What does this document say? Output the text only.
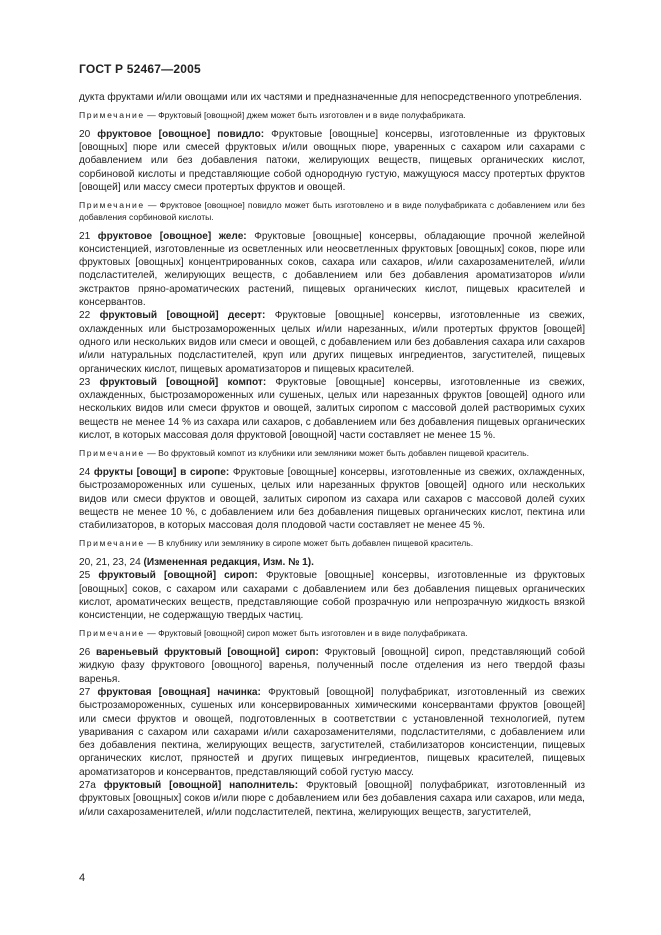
ГОСТ Р 52467—2005

дукта фруктами и/или овощами или их частями и предназначенные для непосредственного употребления.

Примечание — Фруктовый [овощной] джем может быть изготовлен и в виде полуфабриката.

20 фруктовое [овощное] повидло: Фруктовые [овощные] консервы, изготовленные из фруктовых [овощных] пюре или смесей фруктовых и/или овощных пюре, уваренных с сахаром или сахарами с добавлением или без добавления патоки, желирующих веществ, пищевых органических кислот, сорбиновой кислоты и представляющие собой однородную густую, мажущуюся массу протертых фруктов [овощей] или массу смеси протертых фруктов и овощей.

Примечание — Фруктовое [овощное] повидло может быть изготовлено и в виде полуфабриката с добавлением или без добавления сорбиновой кислоты.

21 фруктовое [овощное] желе: Фруктовые [овощные] консервы, обладающие прочной желейной консистенцией, изготовленные из осветленных или неосветленных фруктовых [овощных] соков, пюре или фруктовых [овощных] концентрированных соков, сахара или сахаров, и/или сахарозаменителей, и/или подсластителей, желирующих веществ, с добавлением или без добавления ароматизаторов и/или экстрактов пряно-ароматических растений, пищевых органических кислот, пищевых красителей и консервантов.

22 фруктовый [овощной] десерт: Фруктовые [овощные] консервы, изготовленные из свежих, охлажденных или быстрозамороженных целых и/или нарезанных, и/или протертых фруктов [овощей] одного или нескольких видов или смеси и овощей, с добавлением или без добавления сахара или сахаров и/или натуральных подсластителей, круп или других пищевых ингредиентов, загустителей, пищевых органических кислот, пищевых ароматизаторов и пищевых красителей.

23 фруктовый [овощной] компот: Фруктовые [овощные] консервы, изготовленные из свежих, охлажденных, быстрозамороженных или сушеных, целых или нарезанных фруктов [овощей] одного или нескольких видов или смеси фруктов и овощей, залитых сиропом с массовой долей растворимых сухих веществ не менее 14 % из сахара или сахаров, с добавлением или без добавления пищевых органических кислот, в которых массовая доля фруктовой [овощной] части составляет не менее 15 %.

Примечание — Во фруктовый компот из клубники или земляники может быть добавлен пищевой краситель.

24 фрукты [овощи] в сиропе: Фруктовые [овощные] консервы, изготовленные из свежих, охлажденных, быстрозамороженных или сушеных, целых или нарезанных фруктов [овощей] одного или нескольких видов или смеси фруктов и овощей, залитых сиропом из сахара или сахаров с массовой долей сухих веществ не менее 10 %, с добавлением или без добавления пищевых органических кислот, пектина или стабилизаторов, в которых массовая доля плодовой части составляет не менее 45 %.

Примечание — В клубнику или землянику в сиропе может быть добавлен пищевой краситель.

20, 21, 23, 24 (Измененная редакция, Изм. № 1).

25 фруктовый [овощной] сироп: Фруктовые [овощные] консервы, изготовленные из фруктовых [овощных] соков, с сахаром или сахарами с добавлением или без добавления пищевых органических кислот, ароматических веществ, представляющие собой прозрачную или непрозрачную жидкость вязкой консистенции, не содержащую твердых частиц.

Примечание — Фруктовый [овощной] сироп может быть изготовлен и в виде полуфабриката.

26 вареньевый фруктовый [овощной] сироп: Фруктовый [овощной] сироп, представляющий собой жидкую фазу фруктового [овощного] варенья, полученный после отделения из него твердой фазы варенья.

27 фруктовая [овощная] начинка: Фруктовый [овощной] полуфабрикат, изготовленный из свежих быстрозамороженных, сушеных или консервированных химическими консервантами фруктов [овощей] или смеси фруктов и овощей, подготовленных в соответствии с установленной технологией, путем уваривания с сахаром или сахарами и/или сахарозаменителями, подсластителями, с добавлением или без добавления пектина, желирующих веществ, загустителей, стабилизаторов консистенции, пищевых органических кислот, пряностей и других пищевых ингредиентов, пищевых красителей, пищевых ароматизаторов и консервантов, представляющий собой густую массу.

27а фруктовый [овощной] наполнитель: Фруктовый [овощной] полуфабрикат, изготовленный из фруктовых [овощных] соков и/или пюре с добавлением или без добавления сахара или сахаров, или меда, и/или сахарозаменителей, и/или подсластителей, пектина, желирующих веществ, загустителей,

4
